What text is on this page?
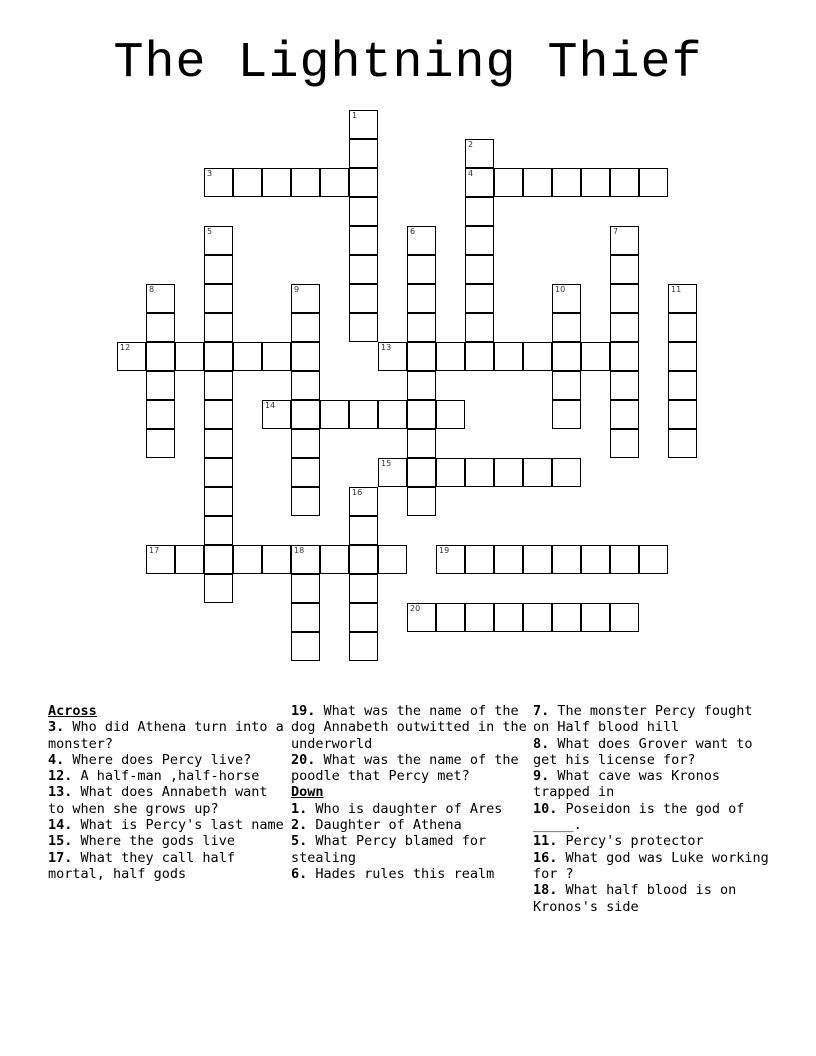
The Lightning Thief
1
2
4
3
5	6	7
8	9	10	11
12	13
14
15
16
17	18	19
20

Across

3. Who did Athena turn into a monster?

4. Where does Percy live?

12. A half-man ,half-horse

13. What does Annabeth want to when she grows up?

14. What is Percy's last name

15. Where the gods live

17. What they call half mortal, half gods

19. What was the name of the dog Annabeth outwitted in the underworld

20. What was the name of the poodle that Percy met?

Down

1. Who is daughter of Ares

2. Daughter of Athena

5. What Percy blamed for stealing

6. Hades rules this realm

7. The monster Percy fought on Half blood hill

8. What does Grover want to get his license for?

9. What cave was Kronos trapped in

10. Poseidon is the god of _____.

11. Percy's protector

16. What god was Luke working for ?

18. What half blood is on Kronos's side
